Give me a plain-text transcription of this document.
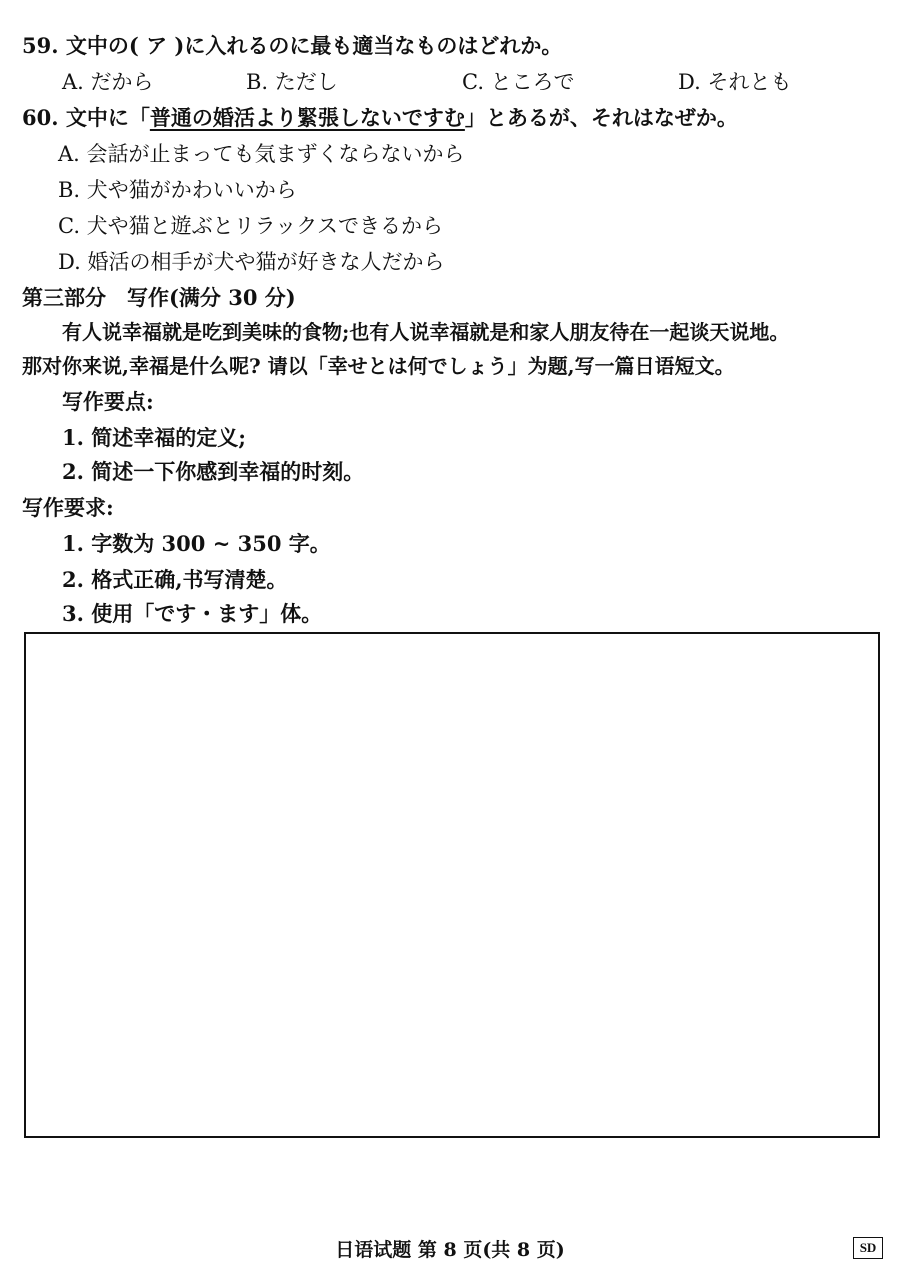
59. 文中の( ア )に入れるのに最も適当なものはどれか。
A. だから	B. ただし	C. ところで	D. それとも
60. 文中に「普通の婚活より緊張しないですむ」とあるが、それはなぜか。
A. 会話が止まっても気まずくならないから
B. 犬や猫がかわいいから
C. 犬や猫と遊ぶとリラックスできるから
D. 婚活の相手が犬や猫が好きな人だから
第三部分　写作(满分 30 分)
有人说幸福就是吃到美味的食物;也有人说幸福就是和家人朋友待在一起谈天说地。
那对你来说,幸福是什么呢? 请以「幸せとは何でしょう」为题,写一篇日语短文。
写作要点:
1. 简述幸福的定义;
2. 简述一下你感到幸福的时刻。
写作要求:
1. 字数为 300 ~ 350 字。
2. 格式正确,书写清楚。
3. 使用「です・ます」体。
日语试题 第 8 页(共 8 页)	SD
